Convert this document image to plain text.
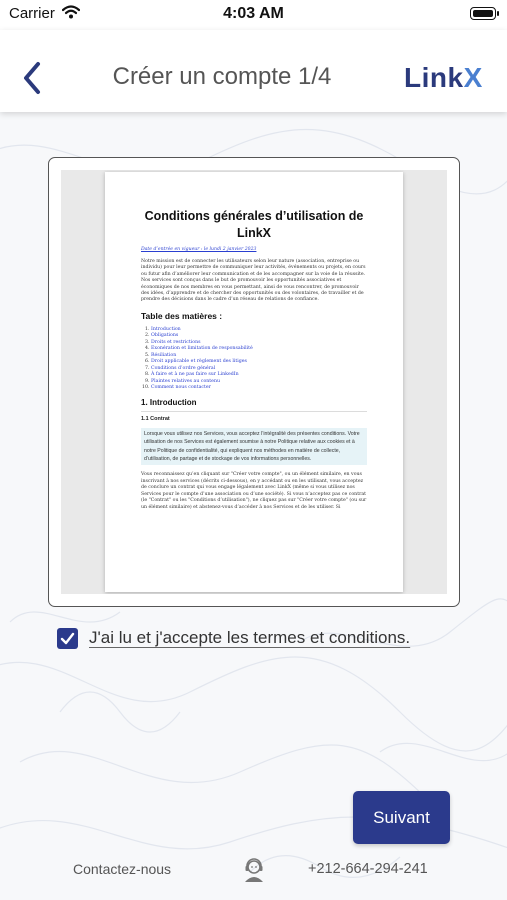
Carrier	4:03 AM
Créer un compte 1/4	LinkX
Conditions générales d’utilisation de LinkX
Date d’entrée en vigueur : le lundi 2 janvier 2023

Notre mission est de connecter les utilisateurs selon leur nature (association, entreprise ou individu) pour leur permettre de communiquer leur activités, événements ou projets, en cours ou futur afin d’améliorer leur communication et de les accompagner sur la voie de la réussite. Nos services sont conçus dans le but de promouvoir les opportunités associatives et économiques de nos membres en vous permettant, ainsi de vous rencontrer, de promouvoir des idées, d’apprendre et de chercher des opportunités ou des volontaires, de travailler et de prendre des décisions dans le cadre d’un réseau de relations de confiance.

Table des matières :
1. Introduction
2. Obligations
3. Droits et restrictions
4. Exonération et limitation de responsabilité
5. Résiliation
6. Droit applicable et règlement des litiges
7. Conditions d’ordre général
8. À faire et à ne pas faire sur LinkedIn
9. Plaintes relatives au contenu
10. Comment nous contacter
1. Introduction
1.1 Contrat

Lorsque vous utilisez nos Services, vous acceptez l’intégralité des présentes conditions. Votre utilisation de nos Services est également soumise à notre Politique relative aux cookies et à notre Politique de confidentialité, qui expliquent nos méthodes en matière de collecte, d’utilisation, de partage et de stockage de vos informations personnelles.

Vous reconnaissez qu’en cliquant sur "Créer votre compte", ou un élément similaire, en vous inscrivant à nos services (décrits ci-dessous), en y accédant ou en les utilisant, vous acceptez de conclure un contrat qui vous engage légalement avec LinkX (même si vous utilisez nos Services pour le compte d’une association ou d’une société). Si vous n’acceptez pas ce contrat (le "Contrat" ou les "Conditions d’utilisation"), ne cliquez pas sur "Créer votre compte" (ou sur un élément similaire) et abstenez-vous d’accéder à nos Services et de les utiliser. Si

J'ai lu et j'accepte les termes et conditions.
Suivant
Contactez-nous	+212-664-294-241
